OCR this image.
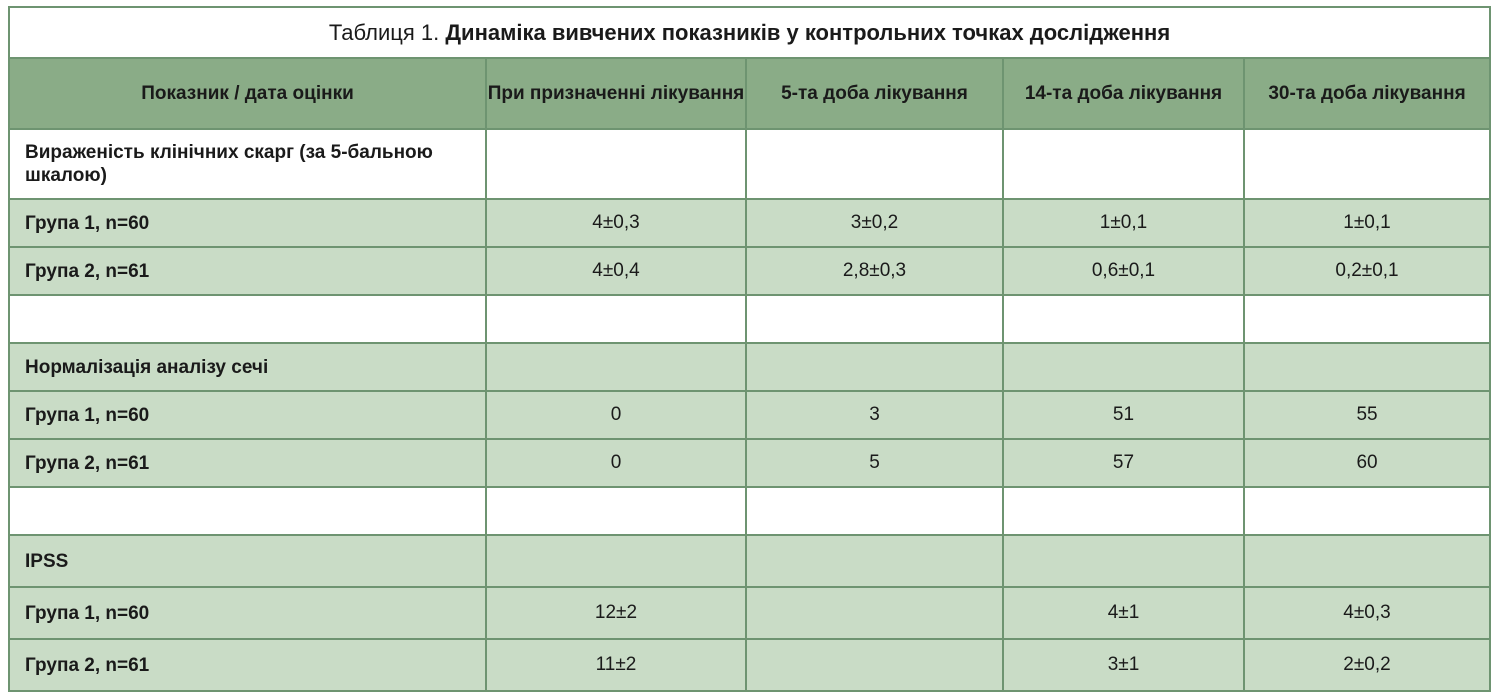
Таблиця 1. Динаміка вивчених показників у контрольних точках дослідження				
Показник / дата оцінки	При призначенні лікування	5-та доба лікування	14-та доба лікування	30-та доба лікування
Вираженість клінічних скарг (за 5-бальною шкалою)				
Група 1, n=60	4±0,3	3±0,2	1±0,1	1±0,1
Група 2, n=61	4±0,4	2,8±0,3	0,6±0,1	0,2±0,1

Нормалізація аналізу сечі				
Група 1, n=60	0	3	51	55
Група 2, n=61	0	5	57	60

IPSS				
Група 1, n=60	12±2		4±1	4±0,3
Група 2, n=61	11±2		3±1	2±0,2
